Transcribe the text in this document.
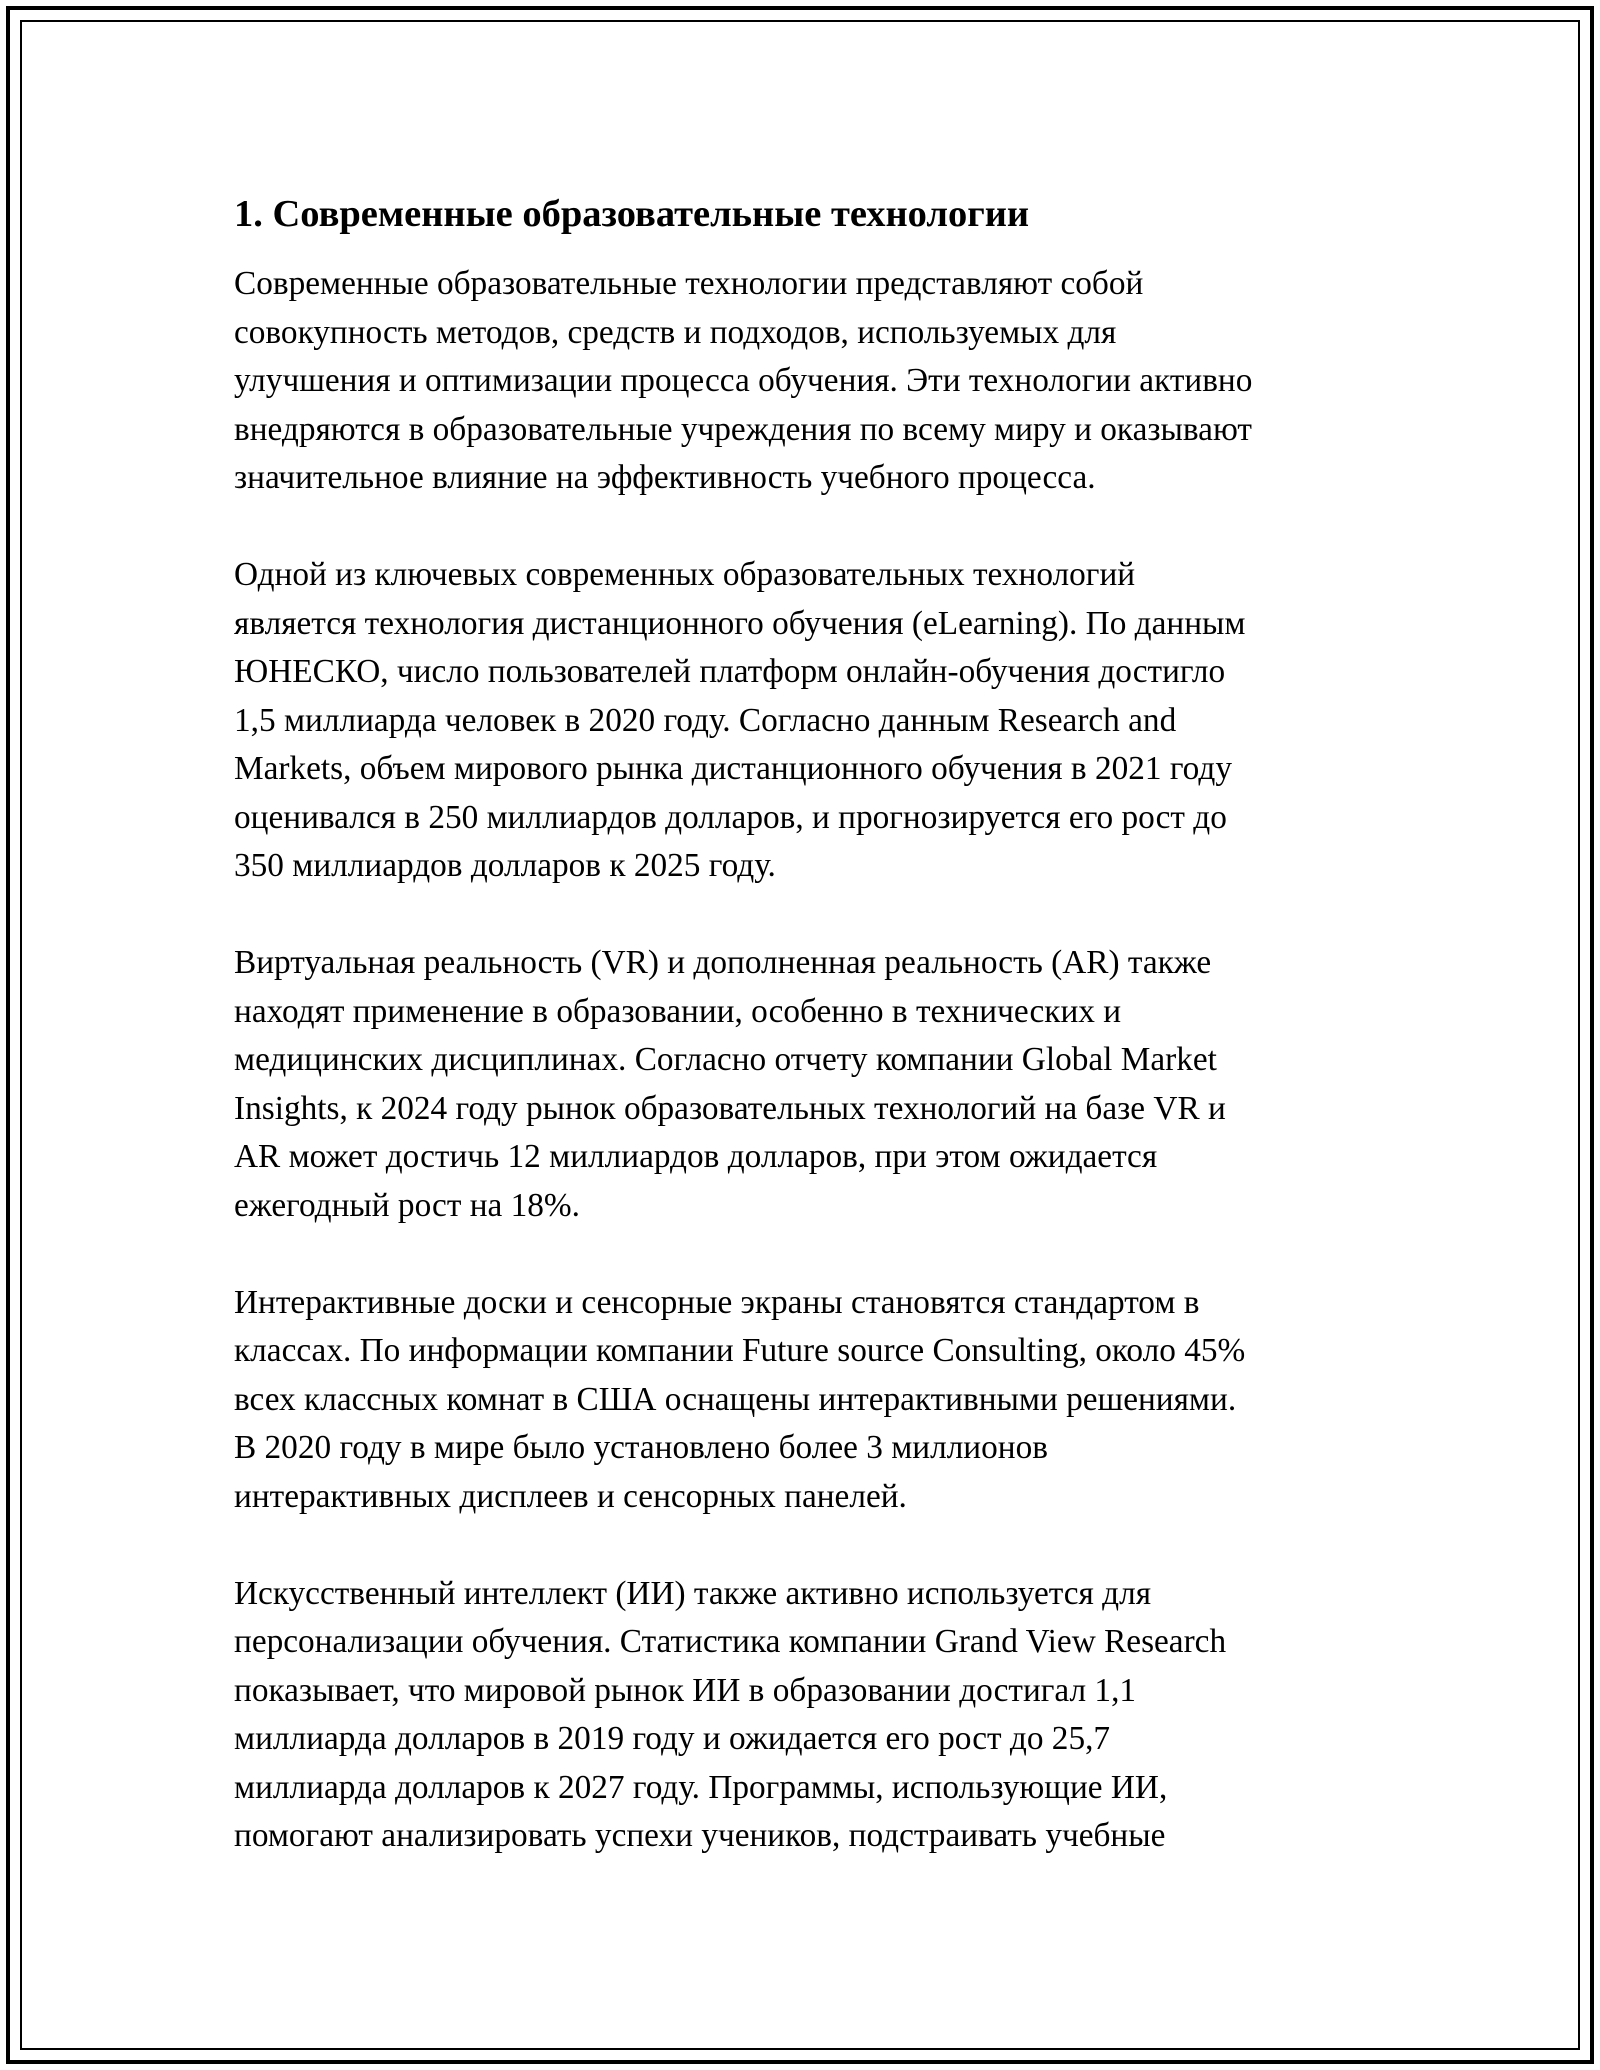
1. Современные образовательные технологии

Современные образовательные технологии представляют собой
совокупность методов, средств и подходов, используемых для
улучшения и оптимизации процесса обучения. Эти технологии активно
внедряются в образовательные учреждения по всему миру и оказывают
значительное влияние на эффективность учебного процесса.

Одной из ключевых современных образовательных технологий
является технология дистанционного обучения (eLearning). По данным
ЮНЕСКО, число пользователей платформ онлайн-обучения достигло
1,5 миллиарда человек в 2020 году. Согласно данным Research and
Markets, объем мирового рынка дистанционного обучения в 2021 году
оценивался в 250 миллиардов долларов, и прогнозируется его рост до
350 миллиардов долларов к 2025 году.

Виртуальная реальность (VR) и дополненная реальность (AR) также
находят применение в образовании, особенно в технических и
медицинских дисциплинах. Согласно отчету компании Global Market
Insights, к 2024 году рынок образовательных технологий на базе VR и
AR может достичь 12 миллиардов долларов, при этом ожидается
ежегодный рост на 18%.

Интерактивные доски и сенсорные экраны становятся стандартом в
классах. По информации компании Future source Consulting, около 45%
всех классных комнат в США оснащены интерактивными решениями.
В 2020 году в мире было установлено более 3 миллионов
интерактивных дисплеев и сенсорных панелей.

Искусственный интеллект (ИИ) также активно используется для
персонализации обучения. Статистика компании Grand View Research
показывает, что мировой рынок ИИ в образовании достигал 1,1
миллиарда долларов в 2019 году и ожидается его рост до 25,7
миллиарда долларов к 2027 году. Программы, использующие ИИ,
помогают анализировать успехи учеников, подстраивать учебные
